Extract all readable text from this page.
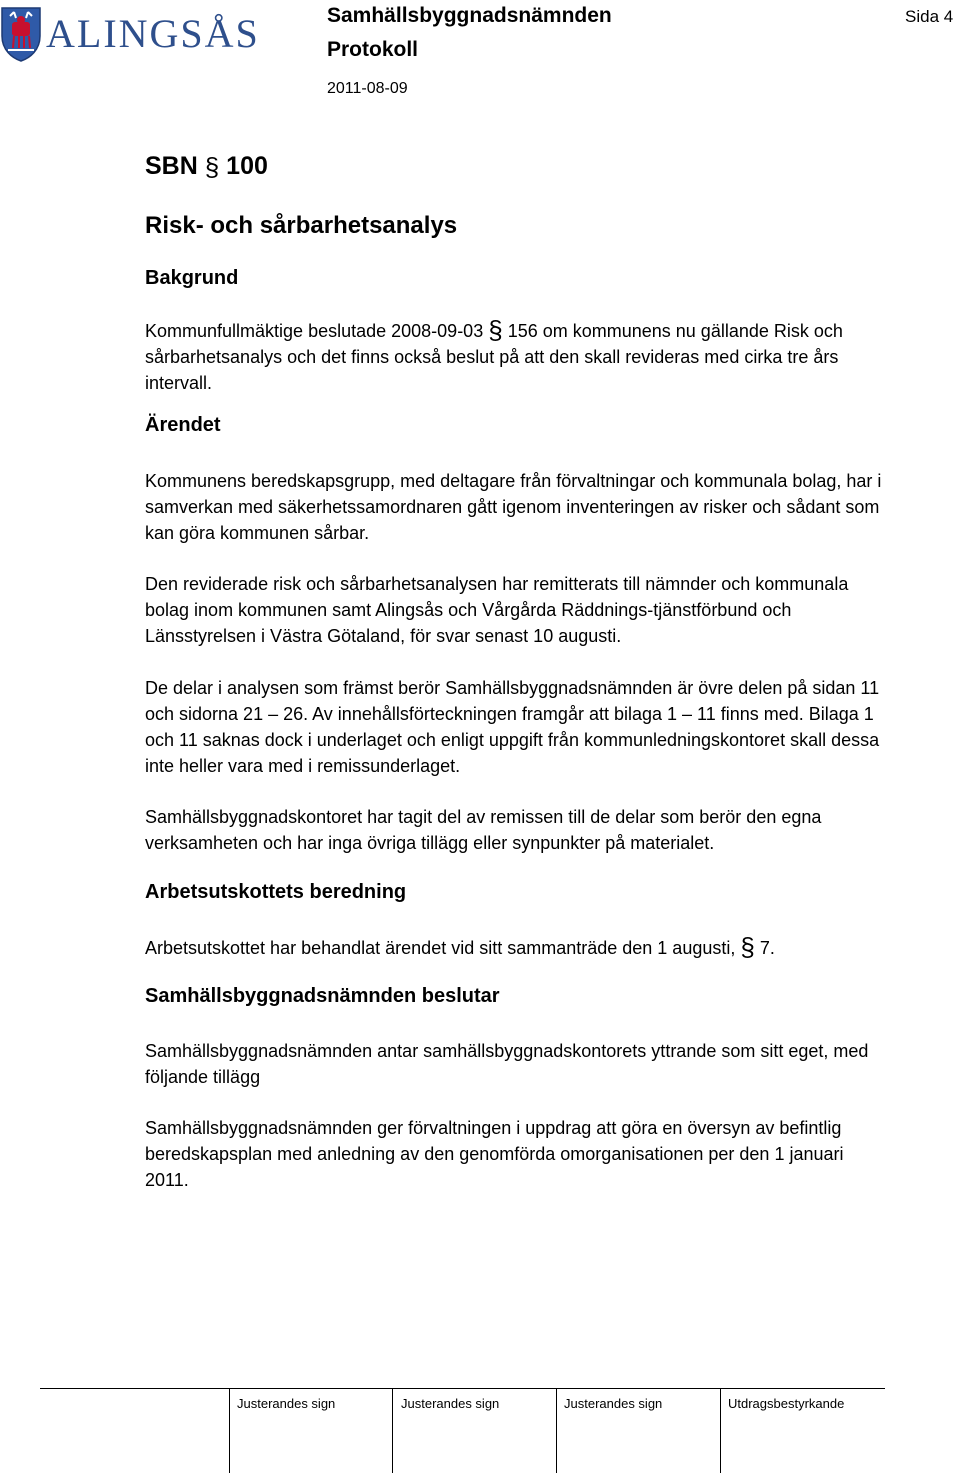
ALINGSÅS	Samhällsbyggnadsnämnden
Protokoll
2011-08-09
Sida 4
SBN § 100
Risk- och sårbarhetsanalys
Bakgrund
Kommunfullmäktige beslutade 2008-09-03 § 156 om kommunens nu gällande Risk och sårbarhetsanalys och det finns också beslut på att den skall revideras med cirka tre års intervall.
Ärendet
Kommunens beredskapsgrupp, med deltagare från förvaltningar och kommunala bolag, har i samverkan med säkerhetssamordnaren gått igenom inventeringen av risker och sådant som kan göra kommunen sårbar.
Den reviderade risk och sårbarhetsanalysen har remitterats till nämnder och kommunala bolag inom kommunen samt Alingsås och Vårgårda Räddnings-tjänstförbund och Länsstyrelsen i Västra Götaland, för svar senast 10 augusti.
De delar i analysen som främst berör Samhällsbyggnadsnämnden är övre delen på sidan 11 och sidorna 21 – 26. Av innehållsförteckningen framgår att bilaga 1 – 11 finns med. Bilaga 1 och 11 saknas dock i underlaget och enligt uppgift från kommunledningskontoret skall dessa inte heller vara med i remissunderlaget.
Samhällsbyggnadskontoret har tagit del av remissen till de delar som berör den egna verksamheten och har inga övriga tillägg eller synpunkter på materialet.
Arbetsutskottets beredning
Arbetsutskottet har behandlat ärendet vid sitt sammanträde den 1 augusti, § 7.
Samhällsbyggnadsnämnden beslutar
Samhällsbyggnadsnämnden antar samhällsbyggnadskontorets yttrande som sitt eget, med följande tillägg
Samhällsbyggnadsnämnden ger förvaltningen i uppdrag att göra en översyn av befintlig beredskapsplan med anledning av den genomförda omorganisationen per den 1 januari 2011.
Justerandes sign	Justerandes sign	Justerandes sign	Utdragsbestyrkande
